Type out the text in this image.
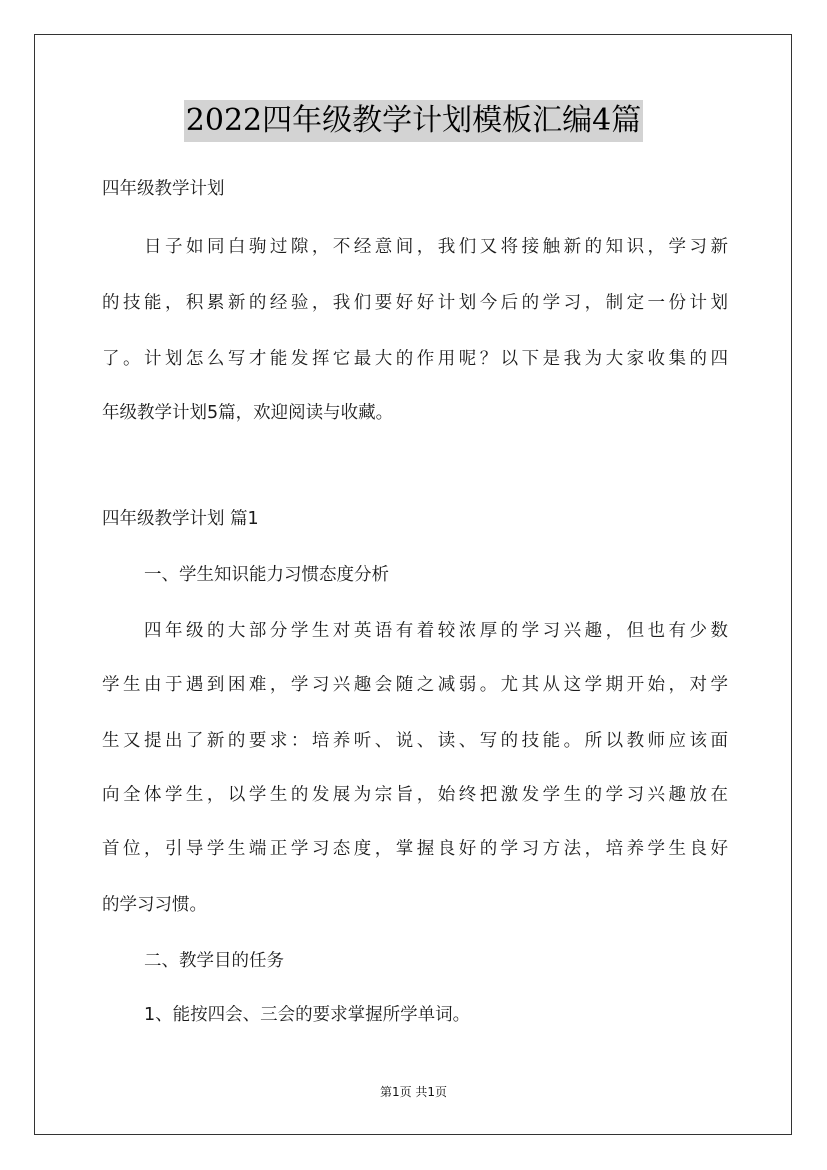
2022四年级教学计划模板汇编4篇
四年级教学计划
日子如同白驹过隙，不经意间，我们又将接触新的知识，学习新
的技能，积累新的经验，我们要好好计划今后的学习，制定一份计划
了。计划怎么写才能发挥它最大的作用呢？以下是我为大家收集的四
年级教学计划5篇，欢迎阅读与收藏。
四年级教学计划 篇1
一、学生知识能力习惯态度分析
四年级的大部分学生对英语有着较浓厚的学习兴趣，但也有少数
学生由于遇到困难，学习兴趣会随之减弱。尤其从这学期开始，对学
生又提出了新的要求：培养听、说、读、写的技能。所以教师应该面
向全体学生，以学生的发展为宗旨，始终把激发学生的学习兴趣放在
首位，引导学生端正学习态度，掌握良好的学习方法，培养学生良好
的学习习惯。
二、教学目的任务
1、能按四会、三会的要求掌握所学单词。
第1页 共1页
